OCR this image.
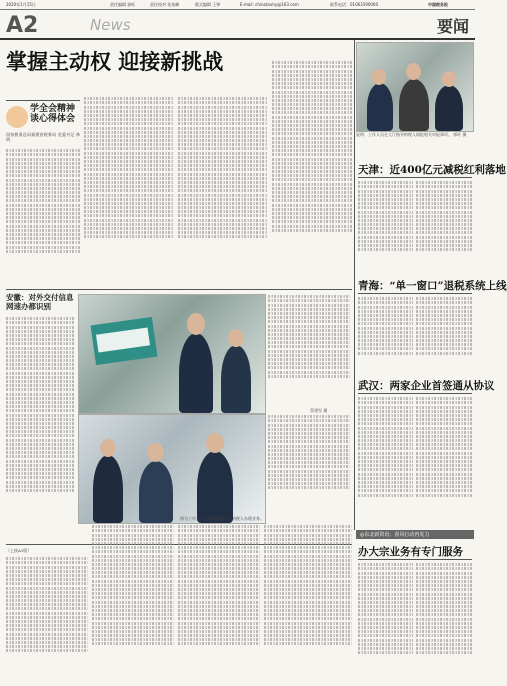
2020年1月15日	责任编辑 郭旺	责任校对 张家峰	版式编辑 王钟	E-mail: chinataxhy@163.com	联系电话：01063590000	中国税务报
A2	News	要闻
掌握主动权 迎接新挑战
学全会精神
谈心得体会
国家税务总局福建省税务局 党委书记 林明
说明：工作人员在大厅指导纳税人填报相关申报事项。 郭旺 摄
安徽：对外交付信息
网速办都识别
蔡建军 摄
（上接A1版）
天津：近400亿元减税红利落地
青海：“单一窗口”退税系统上线
武汉：两家企业首签通从协议
◎东北新资讯：春风行动再发力
办大宗业务有专门服务
图为工作人员在办税服务厅为纳税人办理业务。
